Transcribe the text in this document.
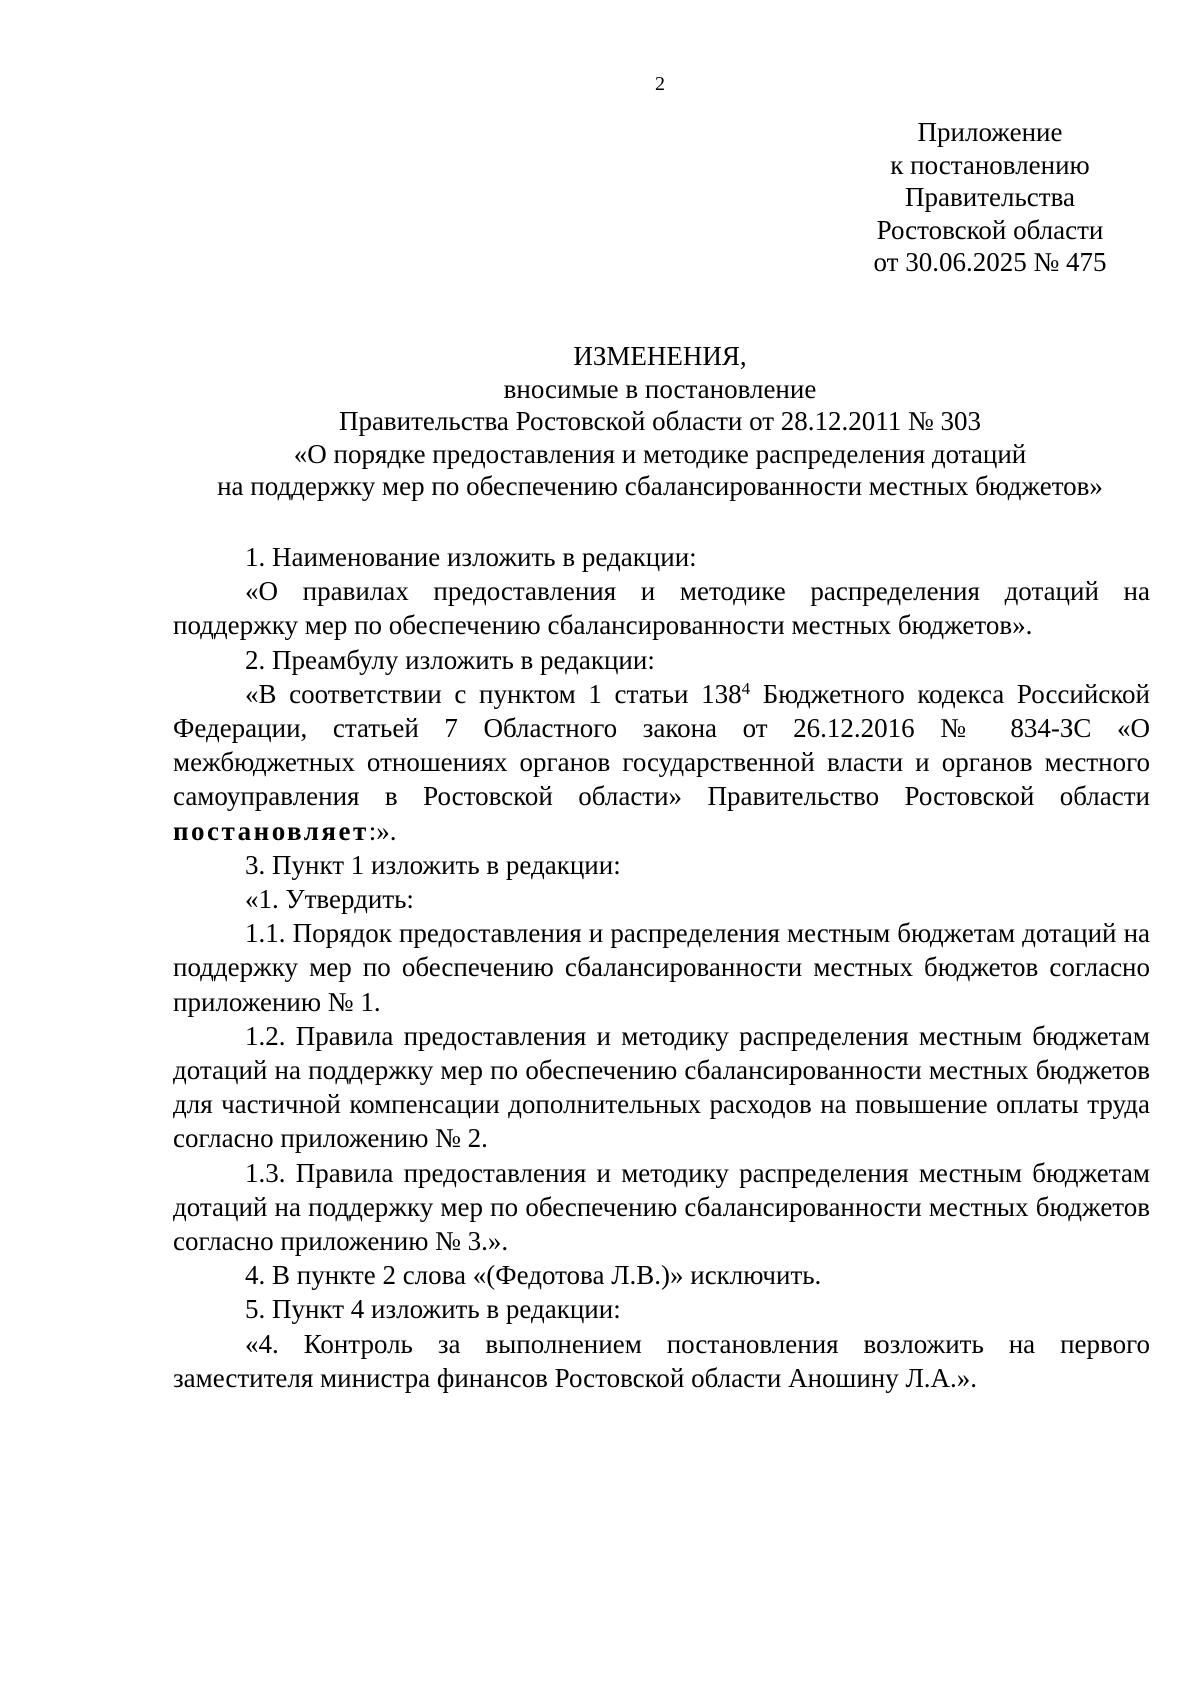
2
Приложение
к постановлению
Правительства
Ростовской области
от 30.06.2025 № 475
ИЗМЕНЕНИЯ,
вносимые в постановление
Правительства Ростовской области от 28.12.2011 № 303
«О порядке предоставления и методике распределения дотаций
на поддержку мер по обеспечению сбалансированности местных бюджетов»

1. Наименование изложить в редакции:

«О правилах предоставления и методике распределения дотаций на поддержку мер по обеспечению сбалансированности местных бюджетов».

2. Преамбулу изложить в редакции:

«В соответствии с пунктом 1 статьи $138^4$ Бюджетного кодекса Российской Федерации, статьей 7 Областного закона от 26.12.2016 № 834-ЗС «О межбюджетных отношениях органов государственной власти и органов местного самоуправления в Ростовской области» Правительство Ростовской области постановляет:».

3. Пункт 1 изложить в редакции:

«1. Утвердить:

1.1. Порядок предоставления и распределения местным бюджетам дотаций на поддержку мер по обеспечению сбалансированности местных бюджетов согласно приложению № 1.

1.2. Правила предоставления и методику распределения местным бюджетам дотаций на поддержку мер по обеспечению сбалансированности местных бюджетов для частичной компенсации дополнительных расходов на повышение оплаты труда согласно приложению № 2.

1.3. Правила предоставления и методику распределения местным бюджетам дотаций на поддержку мер по обеспечению сбалансированности местных бюджетов согласно приложению № 3.».

4. В пункте 2 слова «(Федотова Л.В.)» исключить.

5. Пункт 4 изложить в редакции:

«4. Контроль за выполнением постановления возложить на первого заместителя министра финансов Ростовской области Аношину Л.А.».
